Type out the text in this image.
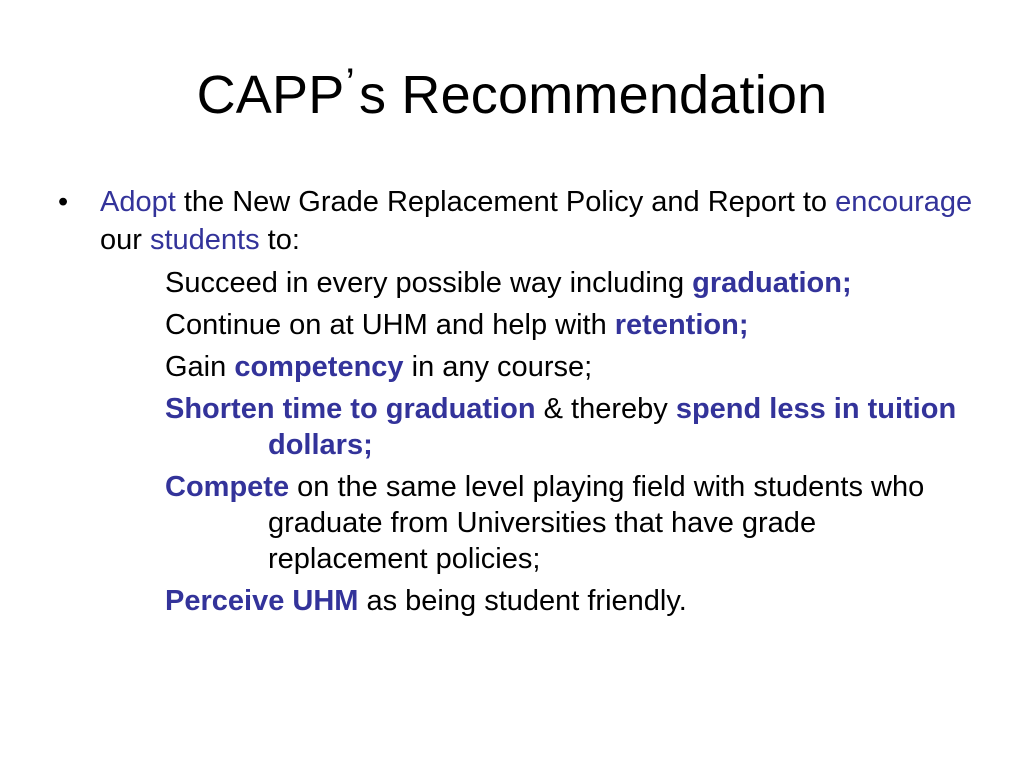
CAPP’s Recommendation
•	Adopt the New Grade Replacement Policy and Report to encourage our students to:
Succeed in every possible way including graduation;
Continue on at UHM and help with retention;
Gain competency in any course;
Shorten time to graduation & thereby spend less in tuition dollars;
Compete on the same level playing field with students who graduate from Universities that have grade replacement policies;
Perceive UHM as being student friendly.
